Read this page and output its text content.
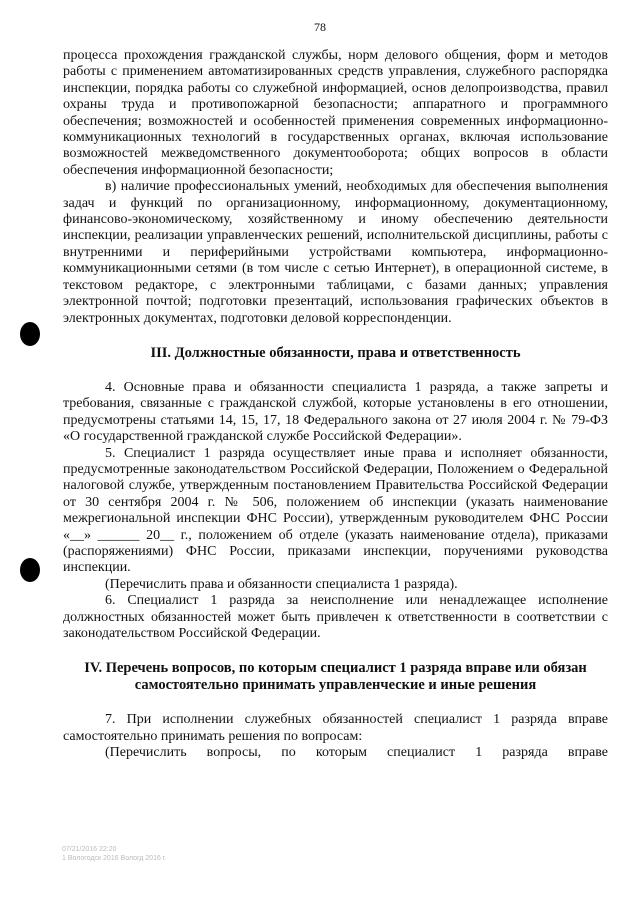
78

процесса прохождения гражданской службы, норм делового общения, форм и методов работы с применением автоматизированных средств управления, служебного распорядка инспекции, порядка работы со служебной информацией, основ делопроизводства, правил охраны труда и противопожарной безопасности; аппаратного и программного обеспечения; возможностей и особенностей применения современных информационно-коммуникационных технологий в государственных органах, включая использование возможностей межведомственного документооборота; общих вопросов в области обеспечения информационной безопасности;

в) наличие профессиональных умений, необходимых для обеспечения выполнения задач и функций по организационному, информационному, документационному, финансово-экономическому, хозяйственному и иному обеспечению деятельности инспекции, реализации управленческих решений, исполнительской дисциплины, работы с внутренними и периферийными устройствами компьютера, информационно-коммуникационными сетями (в том числе с сетью Интернет), в операционной системе, в текстовом редакторе, с электронными таблицами, с базами данных; управления электронной почтой; подготовки презентаций, использования графических объектов в электронных документах, подготовки деловой корреспонденции.

III. Должностные обязанности, права и ответственность

4. Основные права и обязанности специалиста 1 разряда, а также запреты и требования, связанные с гражданской службой, которые установлены в его отношении, предусмотрены статьями 14, 15, 17, 18 Федерального закона от 27 июля 2004 г. № 79-ФЗ «О государственной гражданской службе Российской Федерации».

5. Специалист 1 разряда осуществляет иные права и исполняет обязанности, предусмотренные законодательством Российской Федерации, Положением о Федеральной налоговой службе, утвержденным постановлением Правительства Российской Федерации от 30 сентября 2004 г. № 506, положением об инспекции (указать наименование межрегиональной инспекции ФНС России), утвержденным руководителем ФНС России «__» ______ 20__ г., положением об отделе (указать наименование отдела), приказами (распоряжениями) ФНС России, приказами инспекции, поручениями руководства инспекции.

(Перечислить права и обязанности специалиста 1 разряда).

6. Специалист 1 разряда за неисполнение или ненадлежащее исполнение должностных обязанностей может быть привлечен к ответственности в соответствии с законодательством Российской Федерации.

IV. Перечень вопросов, по которым специалист 1 разряда вправе или обязан

самостоятельно принимать управленческие и иные решения

7. При исполнении служебных обязанностей специалист 1 разряда вправе самостоятельно принимать решения по вопросам:

(Перечислить вопросы, по которым специалист 1 разряда вправе

07/21/2016 22:20
1 Вологодск 2016 Вологд 2016 г.
